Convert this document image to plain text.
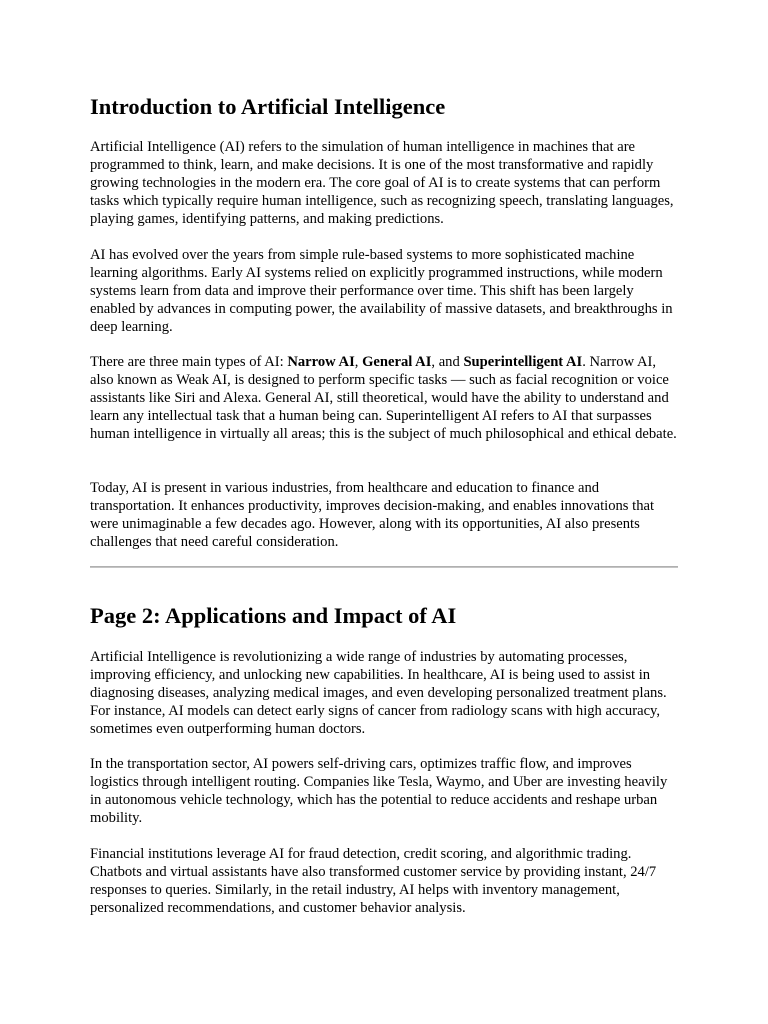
Introduction to Artificial Intelligence

Artificial Intelligence (AI) refers to the simulation of human intelligence in machines that are programmed to think, learn, and make decisions. It is one of the most transformative and rapidly growing technologies in the modern era. The core goal of AI is to create systems that can perform tasks which typically require human intelligence, such as recognizing speech, translating languages, playing games, identifying patterns, and making predictions.

AI has evolved over the years from simple rule-based systems to more sophisticated machine learning algorithms. Early AI systems relied on explicitly programmed instructions, while modern systems learn from data and improve their performance over time. This shift has been largely enabled by advances in computing power, the availability of massive datasets, and breakthroughs in deep learning.

There are three main types of AI: Narrow AI, General AI, and Superintelligent AI. Narrow AI, also known as Weak AI, is designed to perform specific tasks — such as facial recognition or voice assistants like Siri and Alexa. General AI, still theoretical, would have the ability to understand and learn any intellectual task that a human being can. Superintelligent AI refers to AI that surpasses human intelligence in virtually all areas; this is the subject of much philosophical and ethical debate.

Today, AI is present in various industries, from healthcare and education to finance and transportation. It enhances productivity, improves decision-making, and enables innovations that were unimaginable a few decades ago. However, along with its opportunities, AI also presents challenges that need careful consideration.

Page 2: Applications and Impact of AI

Artificial Intelligence is revolutionizing a wide range of industries by automating processes, improving efficiency, and unlocking new capabilities. In healthcare, AI is being used to assist in diagnosing diseases, analyzing medical images, and even developing personalized treatment plans. For instance, AI models can detect early signs of cancer from radiology scans with high accuracy, sometimes even outperforming human doctors.

In the transportation sector, AI powers self-driving cars, optimizes traffic flow, and improves logistics through intelligent routing. Companies like Tesla, Waymo, and Uber are investing heavily in autonomous vehicle technology, which has the potential to reduce accidents and reshape urban mobility.

Financial institutions leverage AI for fraud detection, credit scoring, and algorithmic trading. Chatbots and virtual assistants have also transformed customer service by providing instant, 24/7 responses to queries. Similarly, in the retail industry, AI helps with inventory management, personalized recommendations, and customer behavior analysis.
